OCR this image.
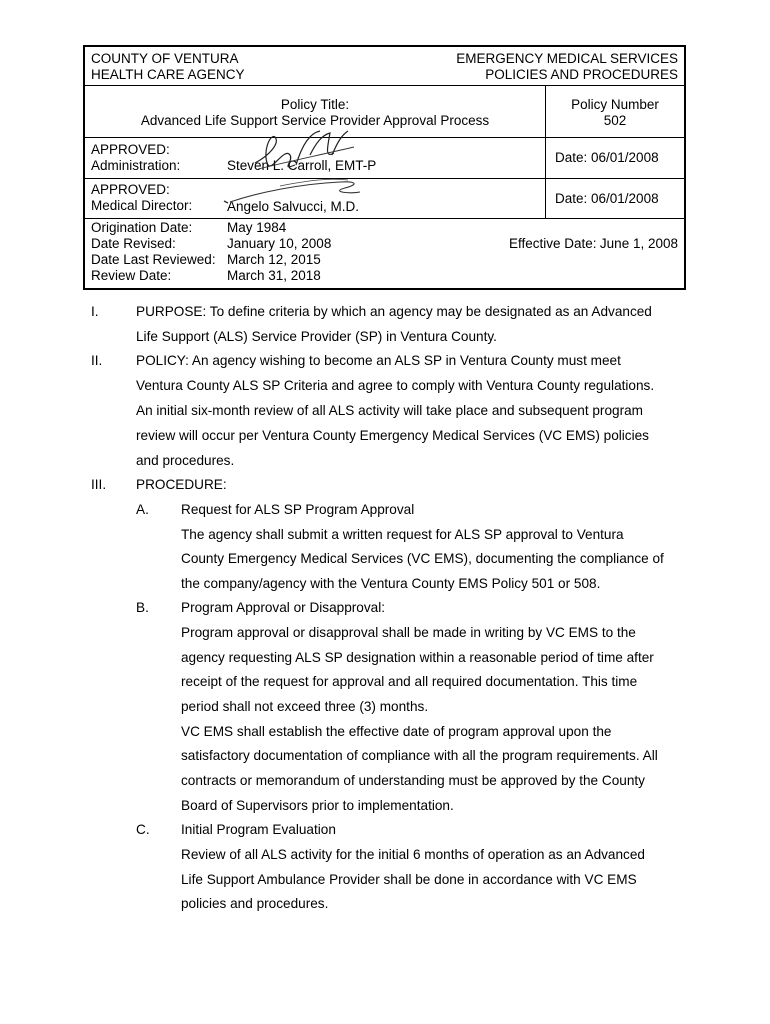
COUNTY OF VENTURA
HEALTH CARE AGENCY
EMERGENCY MEDICAL SERVICES
POLICIES AND PROCEDURES
Policy Title:
Advanced Life Support Service Provider Approval Process
Policy Number
502
APPROVED:
Administration:	Steven L. Carroll, EMT-P
Date: 06/01/2008
APPROVED:
Medical Director:	Angelo Salvucci, M.D.
Date: 06/01/2008
Origination Date:	May 1984
Date Revised:	January 10, 2008
Date Last Reviewed: March 12, 2015
Review Date:	March 31, 2018
Effective Date: June 1, 2008
I.	PURPOSE: To define criteria by which an agency may be designated as an Advanced
Life Support (ALS) Service Provider (SP) in Ventura County.
II. POLICY: An agency wishing to become an ALS SP in Ventura County must meet
Ventura County ALS SP Criteria and agree to comply with Ventura County regulations.
An initial six-month review of all ALS activity will take place and subsequent program
review will occur per Ventura County Emergency Medical Services (VC EMS) policies
and procedures.
III. PROCEDURE:
A. Request for ALS SP Program Approval
The agency shall submit a written request for ALS SP approval to Ventura
County Emergency Medical Services (VC EMS), documenting the compliance of
the company/agency with the Ventura County EMS Policy 501 or 508.
B. Program Approval or Disapproval:
Program approval or disapproval shall be made in writing by VC EMS to the
agency requesting ALS SP designation within a reasonable period of time after
receipt of the request for approval and all required documentation. This time
period shall not exceed three (3) months.
VC EMS shall establish the effective date of program approval upon the
satisfactory documentation of compliance with all the program requirements. All
contracts or memorandum of understanding must be approved by the County
Board of Supervisors prior to implementation.
C. Initial Program Evaluation
Review of all ALS activity for the initial 6 months of operation as an Advanced
Life Support Ambulance Provider shall be done in accordance with VC EMS
policies and procedures.
